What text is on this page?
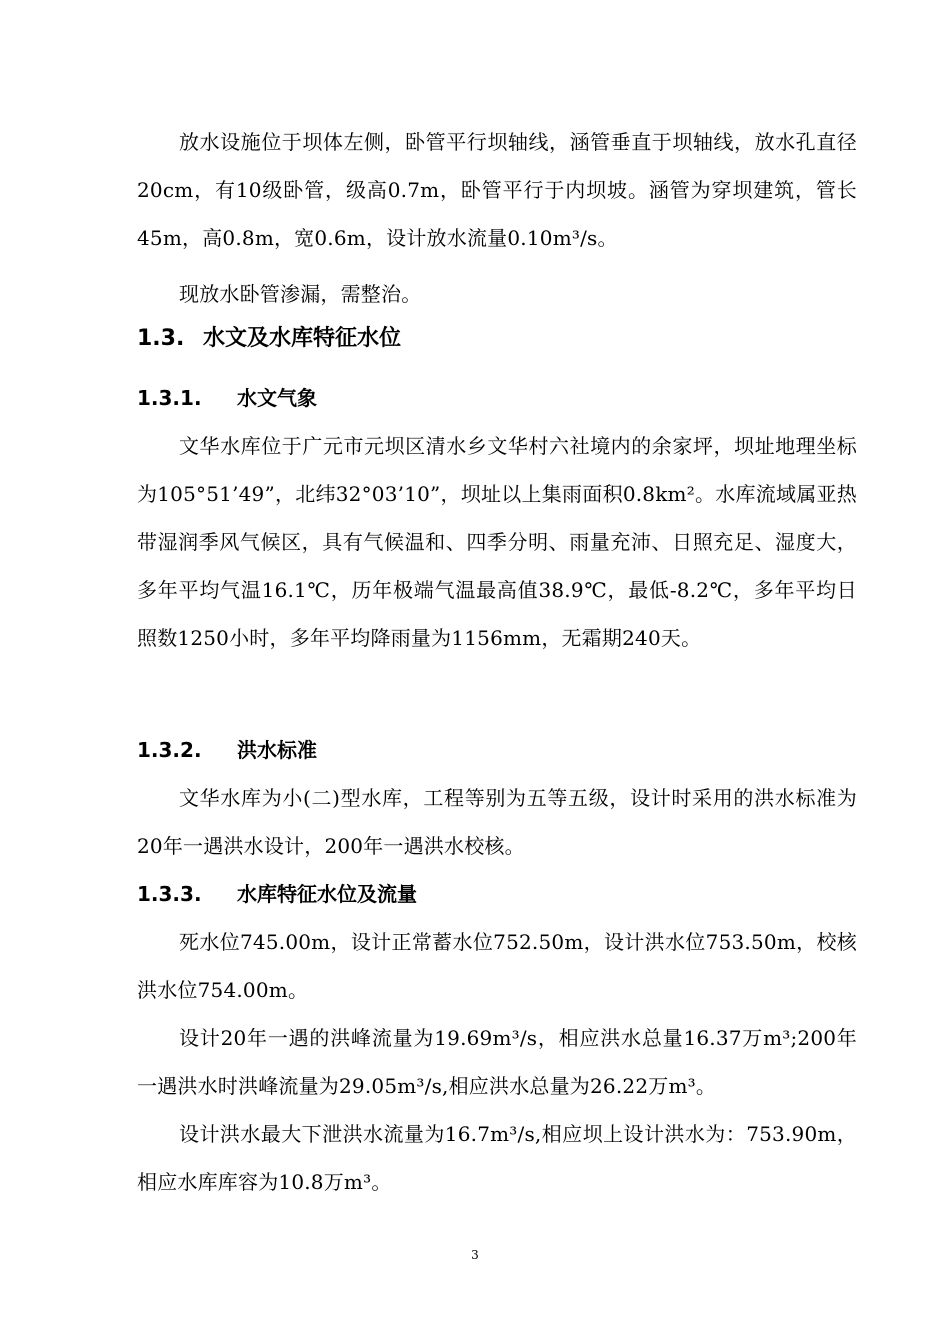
放水设施位于坝体左侧，卧管平行坝轴线，涵管垂直于坝轴线，放水孔直径20cm，有10级卧管，级高0.7m，卧管平行于内坝坡。涵管为穿坝建筑，管长45m，高0.8m，宽0.6m，设计放水流量0.10m³/s。

现放水卧管渗漏，需整治。

1.3. 水文及水库特征水位
1.3.1. 水文气象

文华水库位于广元市元坝区清水乡文华村六社境内的余家坪，坝址地理坐标为105°51’49”，北纬32°03’10”，坝址以上集雨面积0.8km²。水库流域属亚热带湿润季风气候区，具有气候温和、四季分明、雨量充沛、日照充足、湿度大，多年平均气温16.1℃，历年极端气温最高值38.9℃，最低-8.2℃，多年平均日照数1250小时，多年平均降雨量为1156mm，无霜期240天。

1.3.2. 洪水标准

文华水库为小(二)型水库，工程等别为五等五级，设计时采用的洪水标准为20年一遇洪水设计，200年一遇洪水校核。

1.3.3. 水库特征水位及流量

死水位745.00m，设计正常蓄水位752.50m，设计洪水位753.50m，校核洪水位754.00m。

设计20年一遇的洪峰流量为19.69m³/s，相应洪水总量16.37万m³;200年一遇洪水时洪峰流量为29.05m³/s,相应洪水总量为26.22万m³。

设计洪水最大下泄洪水流量为16.7m³/s,相应坝上设计洪水为：753.90m，相应水库库容为10.8万m³。

3
